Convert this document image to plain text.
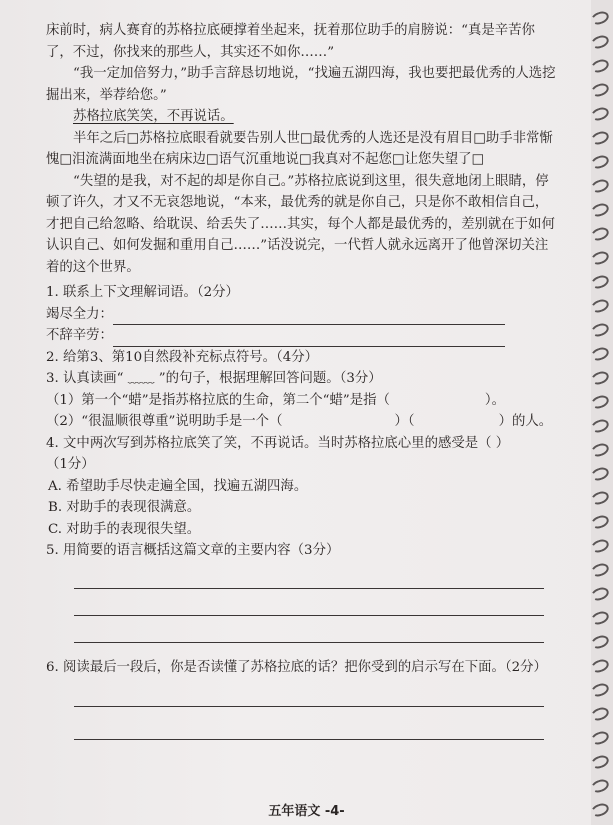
床前时，病人赛育的苏格拉底硬撑着坐起来，抚着那位助手的肩膀说：“真是辛苦你了，不过，你找来的那些人，其实还不如你……”

“我一定加倍努力，”助手言辞恳切地说，“找遍五湖四海，我也要把最优秀的人选挖掘出来，举荐给您。”

苏格拉底笑笑，不再说话。

半年之后□苏格拉底眼看就要告别人世□最优秀的人选还是没有眉目□助手非常惭愧□泪流满面地坐在病床边□语气沉重地说□我真对不起您□让您失望了□

“失望的是我，对不起的却是你自己。”苏格拉底说到这里，很失意地闭上眼睛，停顿了许久，才又不无哀怨地说，“本来，最优秀的就是你自己，只是你不敢相信自己，才把自己给忽略、给耽误、给丢失了……其实，每个人都是最优秀的，差别就在于如何认识自己、如何发掘和重用自己……”话没说完，一代哲人就永远离开了他曾深切关注着的这个世界。

1. 联系上下文理解词语。（2分）

竭尽全力：

不辞辛劳：

2. 给第3、第10自然段补充标点符号。（4分）

3. 认真读画“ ﹏﹏ ”的句子，根据理解回答问题。（3分）

（1）第一个“蜡”是指苏格拉底的生命，第二个“蜡”是指（	）。

（2）“很温顺很尊重”说明助手是一个（	）（	）的人。

4. 文中两次写到苏格拉底笑了笑，不再说话。当时苏格拉底心里的感受是（ ）

（1分）

A. 希望助手尽快走遍全国，找遍五湖四海。

B. 对助手的表现很满意。

C. 对助手的表现很失望。

5. 用简要的语言概括这篇文章的主要内容（3分）

6. 阅读最后一段后，你是否读懂了苏格拉底的话？把你受到的启示写在下面。（2分）

五年语文 -4-
